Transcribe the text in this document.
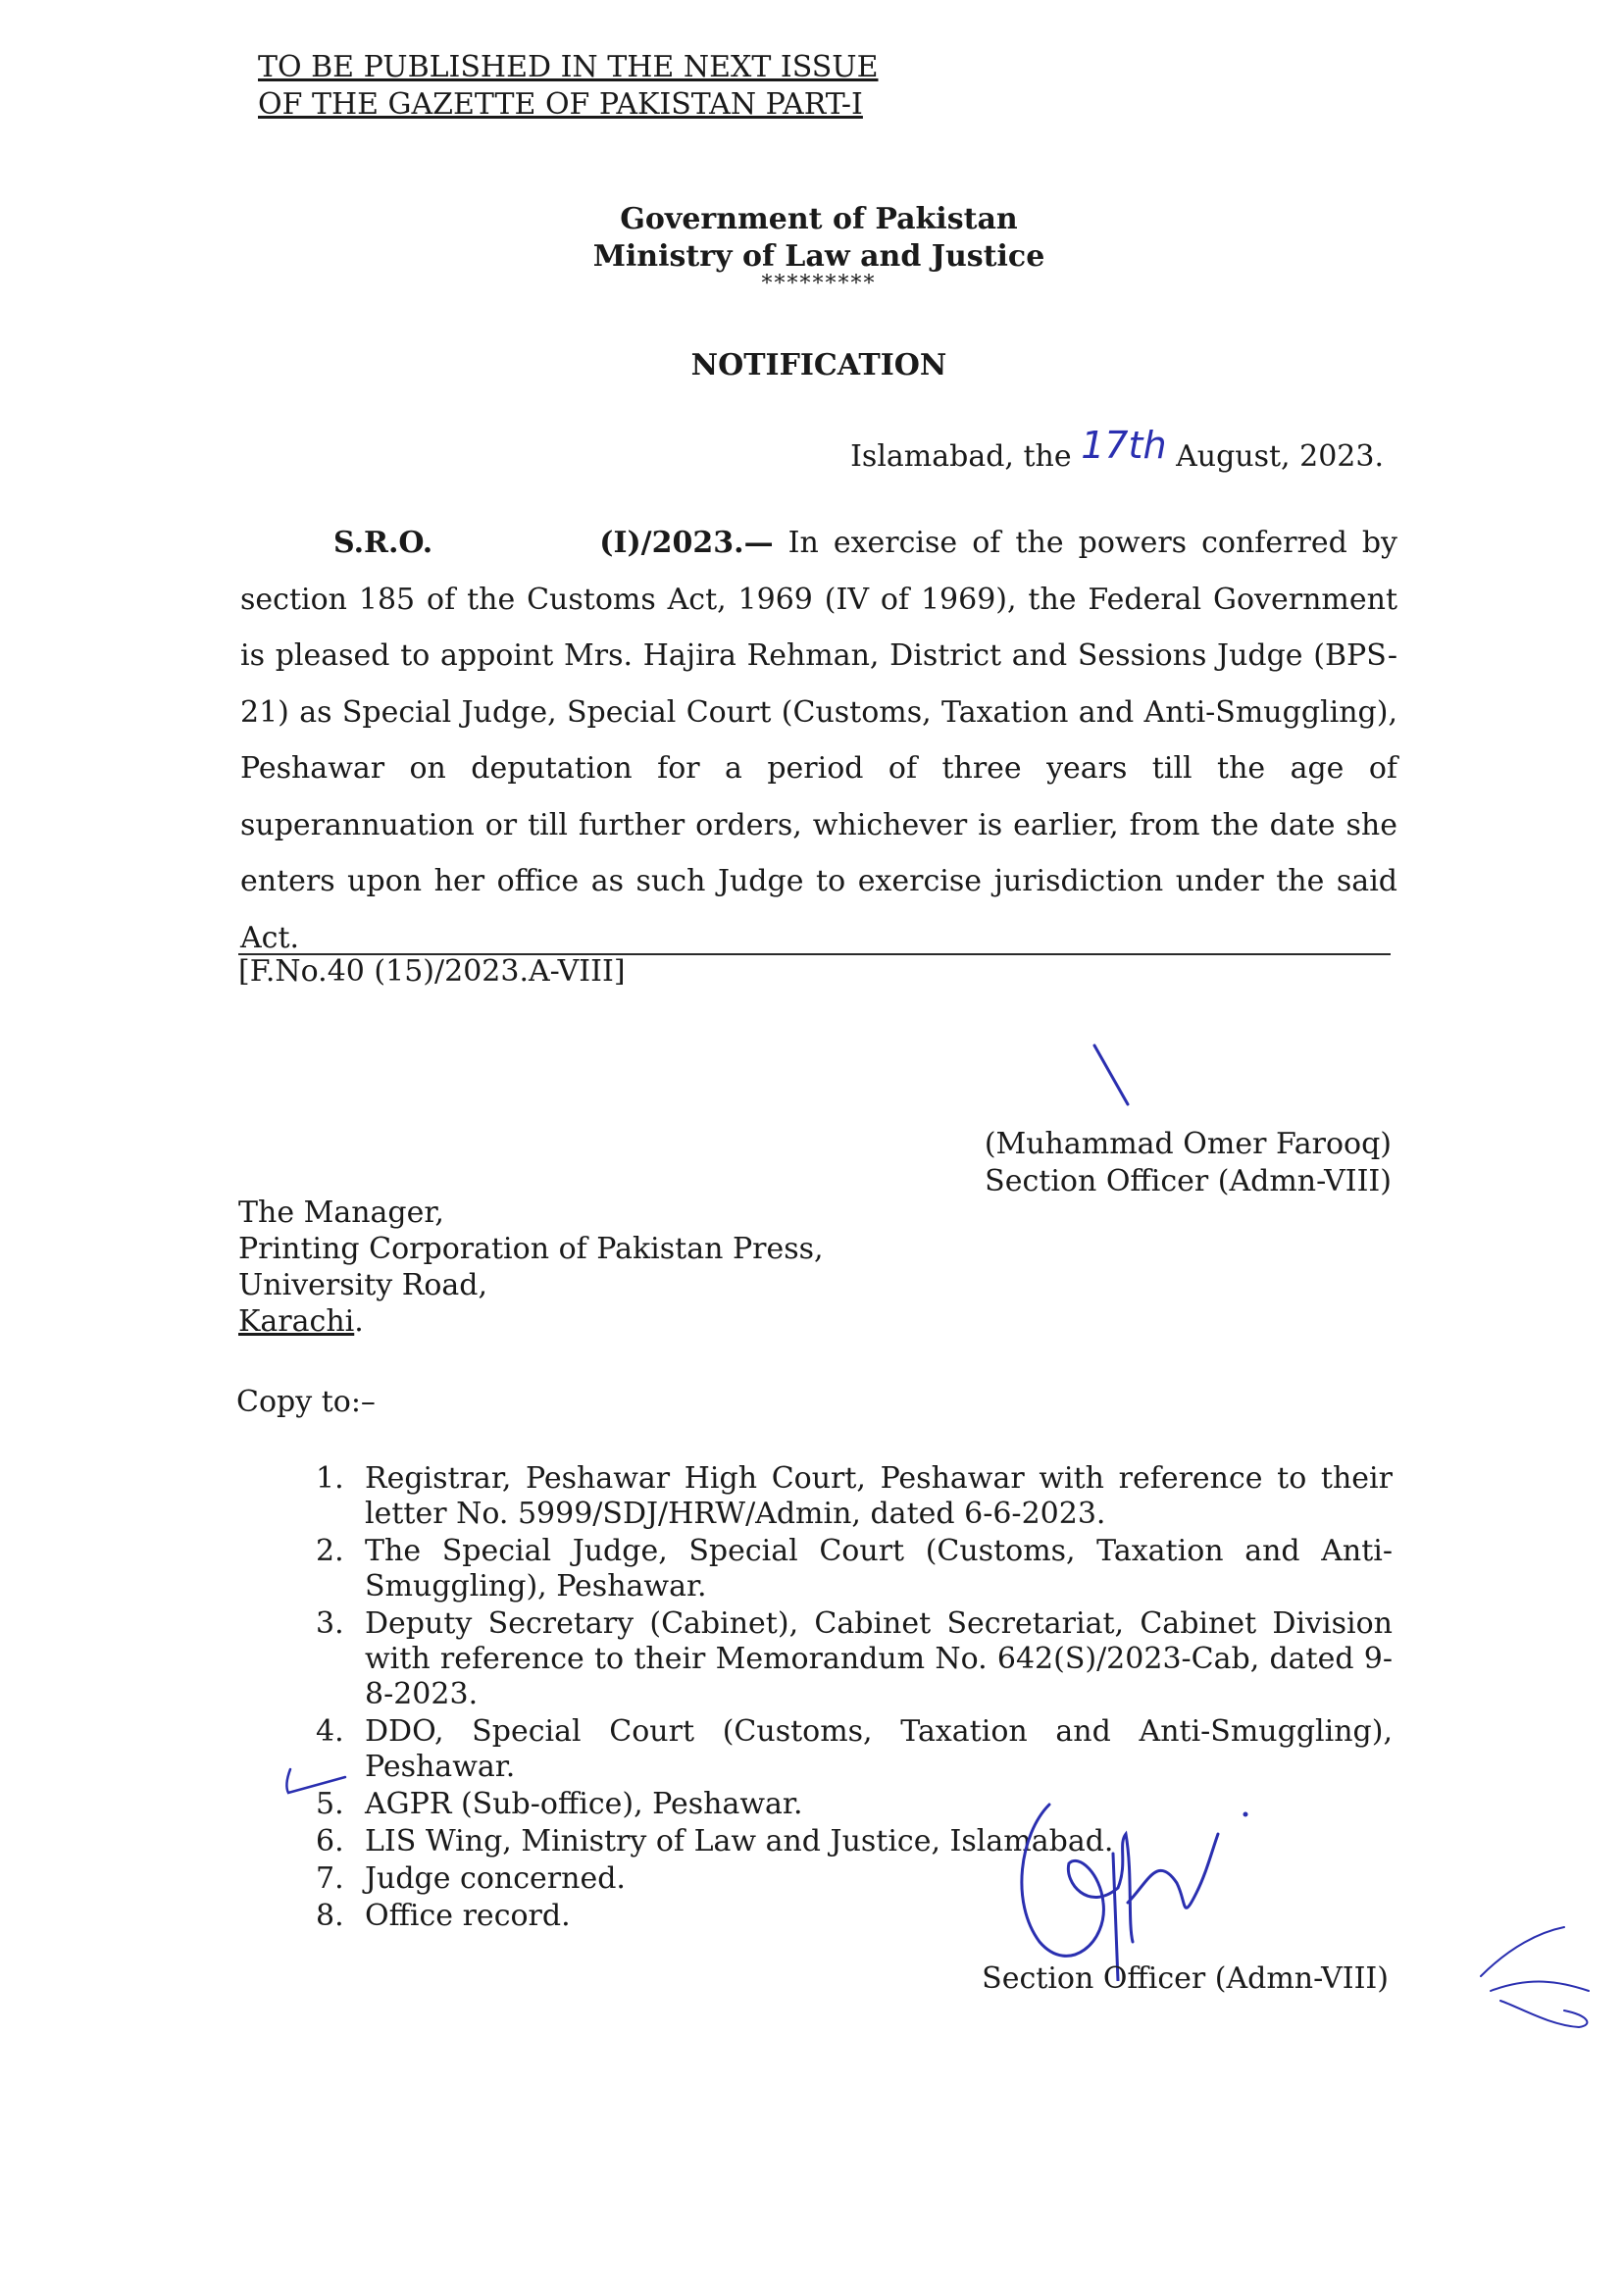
TO BE PUBLISHED IN THE NEXT ISSUE
OF THE GAZETTE OF PAKISTAN PART-I
Government of Pakistan
Ministry of Law and Justice
*********
NOTIFICATION
Islamabad, the 17th August, 2023.
S.R.O.	(I)/2023.— In exercise of the powers conferred by section 185 of the Customs Act, 1969 (IV of 1969), the Federal Government is pleased to appoint Mrs. Hajira Rehman, District and Sessions Judge (BPS-21) as Special Judge, Special Court (Customs, Taxation and Anti-Smuggling), Peshawar on deputation for a period of three years till the age of superannuation or till further orders, whichever is earlier, from the date she enters upon her office as such Judge to exercise jurisdiction under the said Act.
[F.No.40 (15)/2023.A-VIII]
(Muhammad Omer Farooq)
Section Officer (Admn-VIII)
The Manager,
Printing Corporation of Pakistan Press,
University Road,
Karachi.
Copy to:–
1. Registrar, Peshawar High Court, Peshawar with reference to their letter No. 5999/SDJ/HRW/Admin, dated 6-6-2023.
2. The Special Judge, Special Court (Customs, Taxation and Anti-Smuggling), Peshawar.
3. Deputy Secretary (Cabinet), Cabinet Secretariat, Cabinet Division with reference to their Memorandum No. 642(S)/2023-Cab, dated 9-8-2023.
4. DDO, Special Court (Customs, Taxation and Anti-Smuggling), Peshawar.
5. AGPR (Sub-office), Peshawar.
6. LIS Wing, Ministry of Law and Justice, Islamabad.
7. Judge concerned.
8. Office record.
Section Officer (Admn-VIII)
